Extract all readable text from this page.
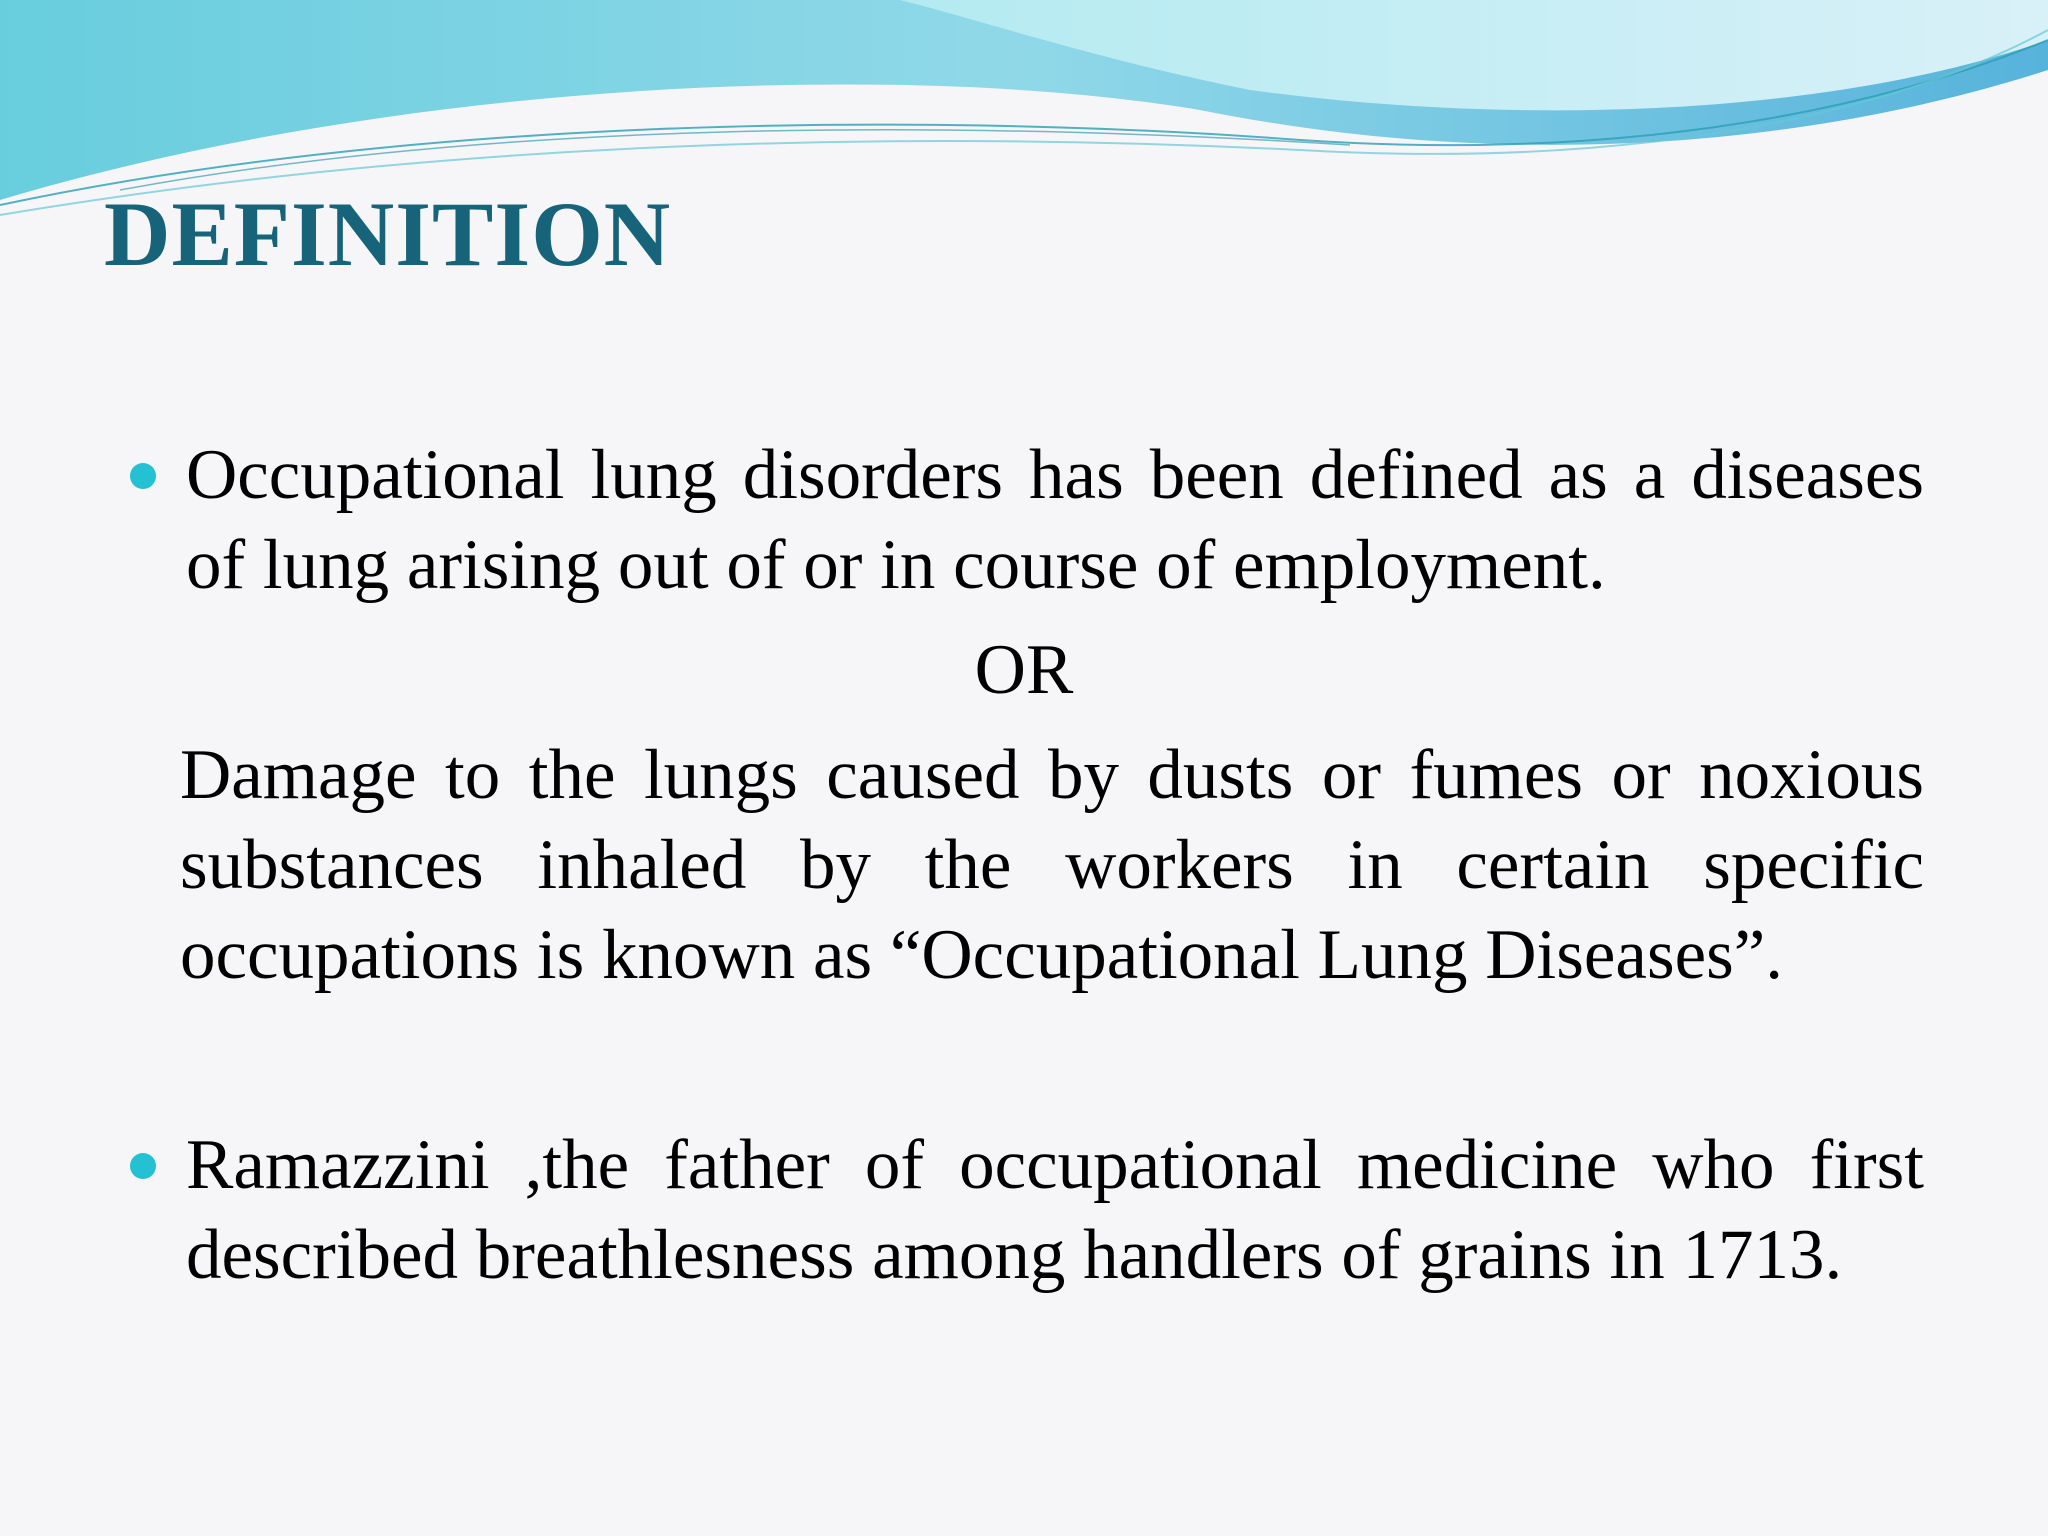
DEFINITION

Occupational lung disorders has been defined as a diseases of lung arising out of or in course of employment.

OR

Damage to the lungs caused by dusts or fumes or noxious substances inhaled by the workers in certain specific occupations is known as “Occupational Lung Diseases”.

Ramazzini ,the father of occupational medicine who first described breathlesness among handlers of grains in 1713.
